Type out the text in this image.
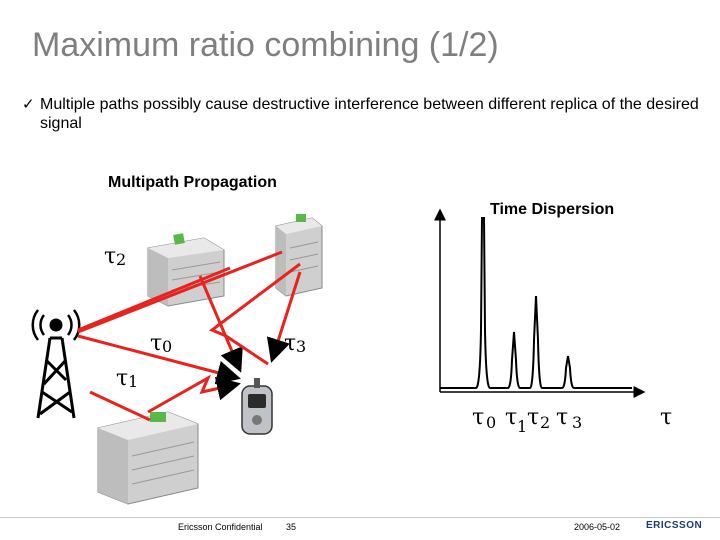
Maximum ratio combining (1/2)
✓ Multiple paths possibly cause destructive interference between different replica of the desired signal
Multipath Propagation
Time Dispersion
τ 2
τ 0
τ 1
τ 3
τ 0 τ 1 τ 2 τ 3	τ
Ericsson Confidential	35	2006-05-02	ERICSSON
